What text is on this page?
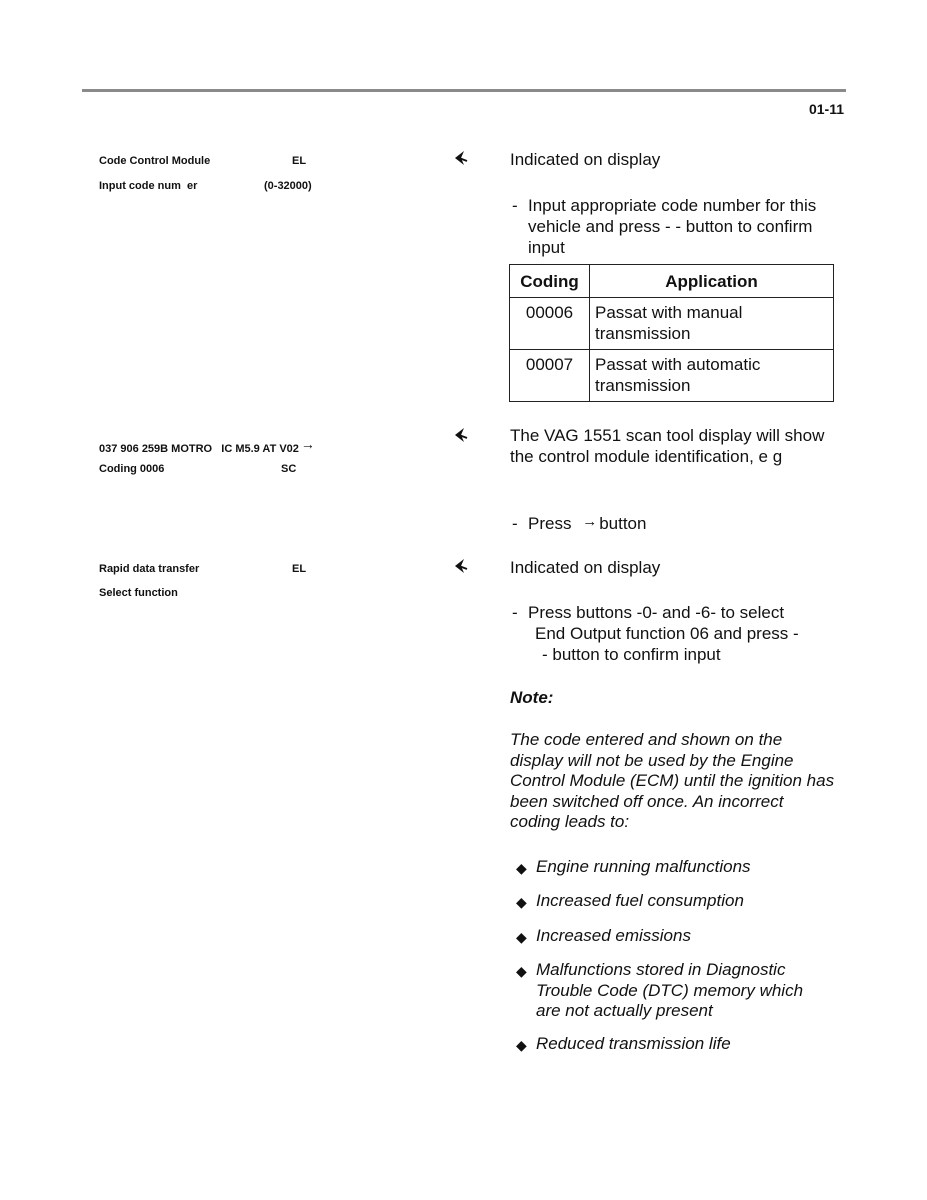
01-11
Code Control Module	EL
Input code num  er	(0-32000)
037 906 259B MOTRO   IC M5.9 AT V02 →
Coding 0006	SC
Rapid data transfer	EL
Select function
Indicated on display
- Input appropriate code number for this vehicle and press - - button to confirm input
Coding	Application
00006	Passat with manual transmission
00007	Passat with automatic transmission
The VAG 1551 scan tool display will show the control module identification, e g
- Press → button
Indicated on display
- Press buttons -0- and -6- to select
End Output function 06 and press -
- button to confirm input
Note:
The code entered and shown on the display will not be used by the Engine Control Module (ECM) until the ignition has been switched off once. An incorrect coding leads to:
◆ Engine running malfunctions
◆ Increased fuel consumption
◆ Increased emissions
◆ Malfunctions stored in Diagnostic Trouble Code (DTC) memory which are not actually present
◆ Reduced transmission life
